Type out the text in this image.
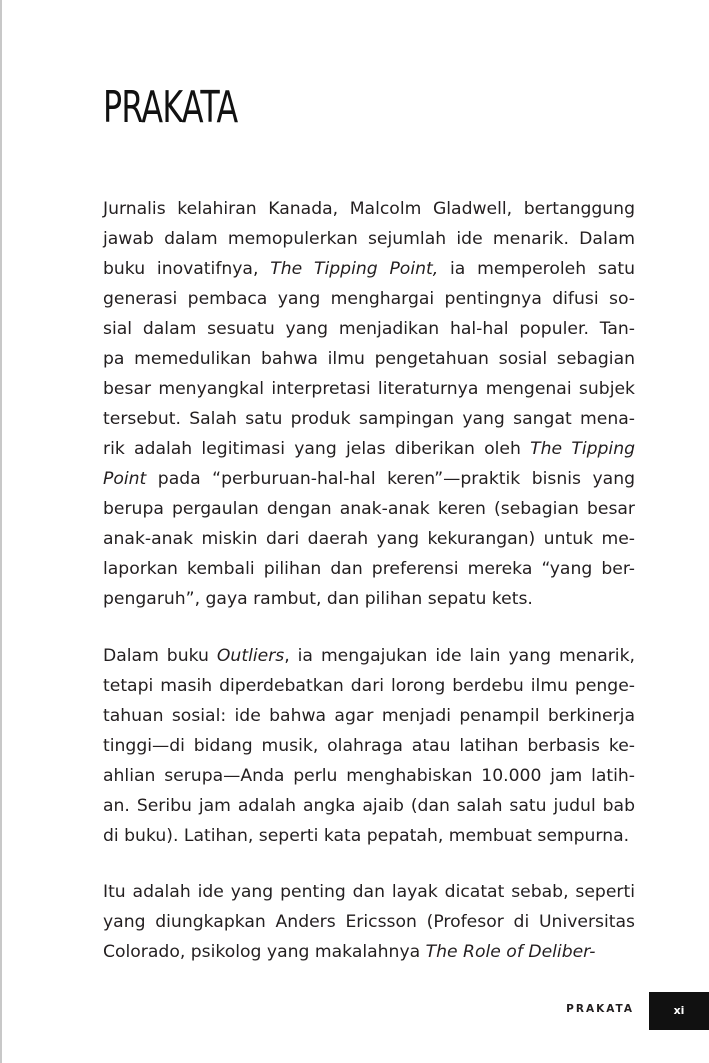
PRAKATA
Jurnalis kelahiran Kanada, Malcolm Gladwell, bertanggung
jawab dalam memopulerkan sejumlah ide menarik. Dalam
buku inovatifnya, The Tipping Point, ia memperoleh satu
generasi pembaca yang menghargai pentingnya difusi so-
sial dalam sesuatu yang menjadikan hal-hal populer. Tan-
pa memedulikan bahwa ilmu pengetahuan sosial sebagian
besar menyangkal interpretasi literaturnya mengenai subjek
tersebut. Salah satu produk sampingan yang sangat mena-
rik adalah legitimasi yang jelas diberikan oleh The Tipping
Point pada “perburuan-hal-hal keren”—praktik bisnis yang
berupa pergaulan dengan anak-anak keren (sebagian besar
anak-anak miskin dari daerah yang kekurangan) untuk me-
laporkan kembali pilihan dan preferensi mereka “yang ber-
pengaruh”, gaya rambut, dan pilihan sepatu kets.
Dalam buku Outliers, ia mengajukan ide lain yang menarik,
tetapi masih diperdebatkan dari lorong berdebu ilmu penge-
tahuan sosial: ide bahwa agar menjadi penampil berkinerja
tinggi—di bidang musik, olahraga atau latihan berbasis ke-
ahlian serupa—Anda perlu menghabiskan 10.000 jam latih-
an. Seribu jam adalah angka ajaib (dan salah satu judul bab
di buku). Latihan, seperti kata pepatah, membuat sempurna.
Itu adalah ide yang penting dan layak dicatat sebab, seperti
yang diungkapkan Anders Ericsson (Profesor di Universitas
Colorado, psikolog yang makalahnya The Role of Deliber-
PRAKATA	xi
